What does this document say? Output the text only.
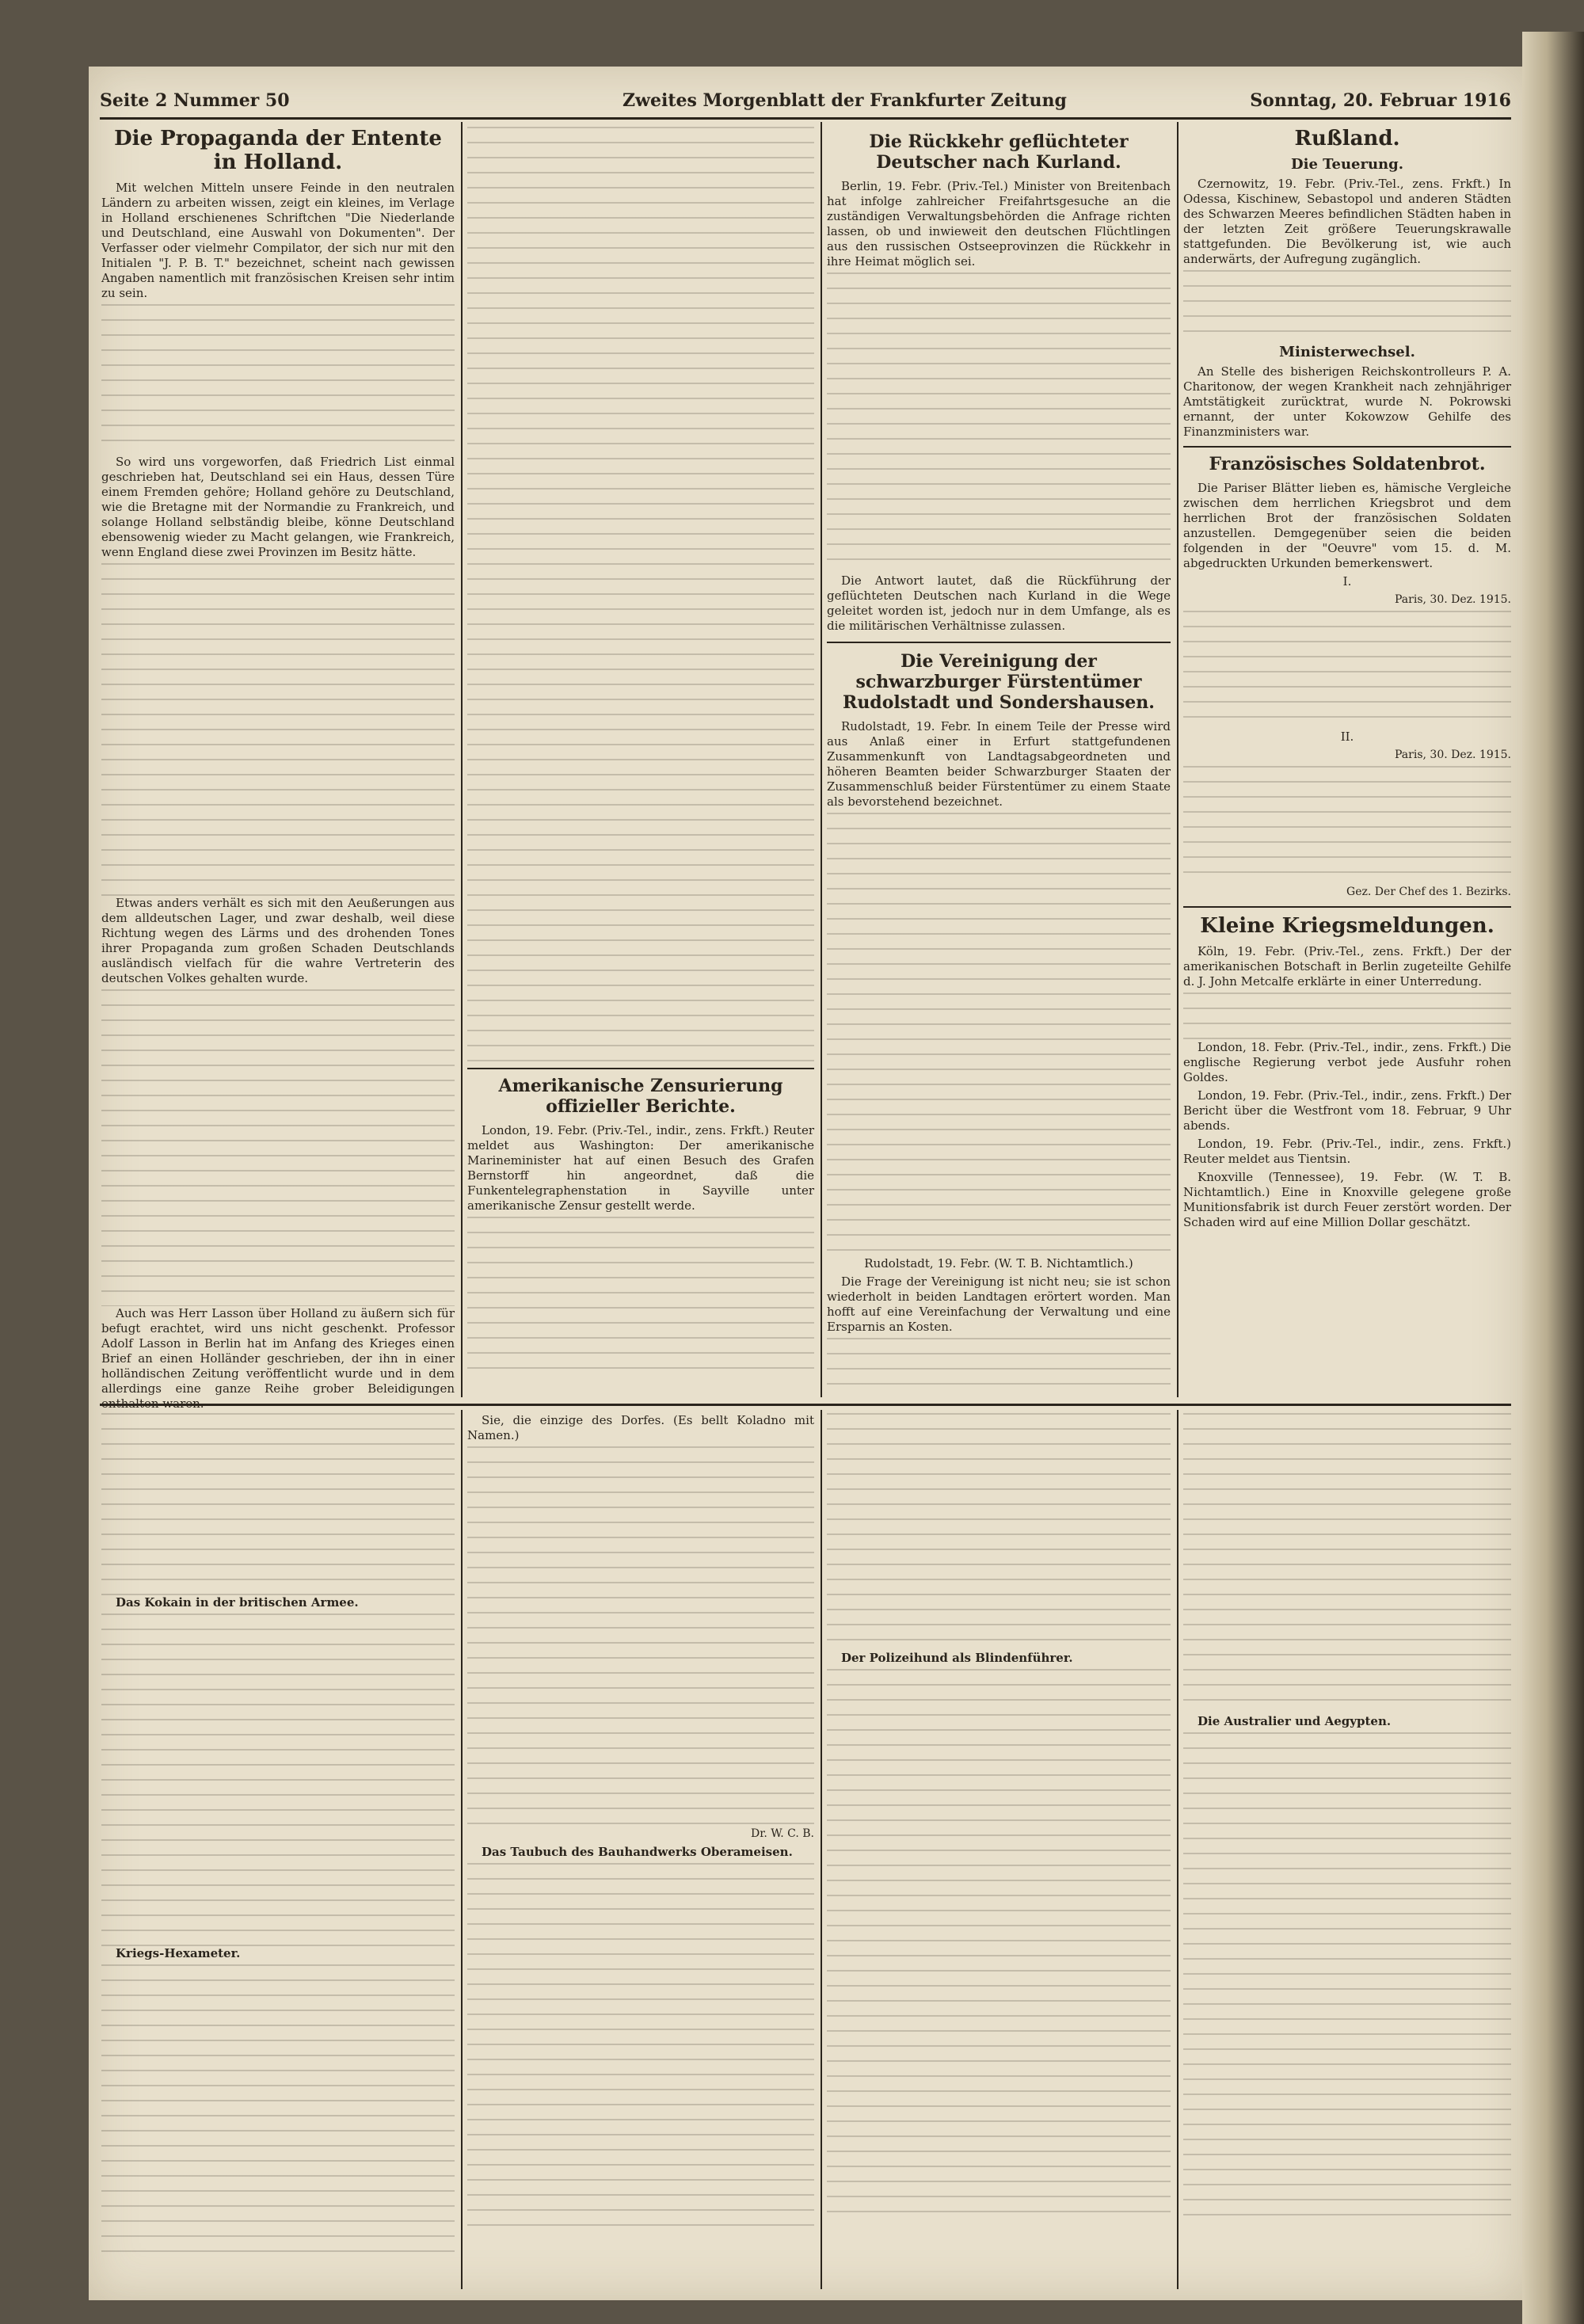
Seite 2 Nummer 50	Zweites Morgenblatt der Frankfurter Zeitung	Sonntag, 20. Februar 1916
Die Propaganda der Entente in Holland.

Mit welchen Mitteln unsere Feinde in den neutralen Ländern zu arbeiten wissen, zeigt ein kleines, im Verlage in Holland erschienenes Schriftchen "Die Niederlande und Deutschland, eine Auswahl von Dokumenten". Der Verfasser oder vielmehr Compilator, der sich nur mit den Initialen "J. P. B. T." bezeichnet, scheint nach gewissen Angaben namentlich mit französischen Kreisen sehr intim zu sein.

So wird uns vorgeworfen, daß Friedrich List einmal geschrieben hat, Deutschland sei ein Haus, dessen Türe einem Fremden gehöre; Holland gehöre zu Deutschland, wie die Bretagne mit der Normandie zu Frankreich, und solange Holland selbständig bleibe, könne Deutschland ebensowenig wieder zu Macht gelangen, wie Frankreich, wenn England diese zwei Provinzen im Besitz hätte.

Etwas anders verhält es sich mit den Aeußerungen aus dem alldeutschen Lager, und zwar deshalb, weil diese Richtung wegen des Lärms und des drohenden Tones ihrer Propaganda zum großen Schaden Deutschlands ausländisch vielfach für die wahre Vertreterin des deutschen Volkes gehalten wurde.

Auch was Herr Lasson über Holland zu äußern sich für befugt erachtet, wird uns nicht geschenkt. Professor Adolf Lasson in Berlin hat im Anfang des Krieges einen Brief an einen Holländer geschrieben, der ihn in einer holländischen Zeitung veröffentlicht wurde und in dem allerdings eine ganze Reihe grober Beleidigungen enthalten waren.

Amerikanische Zensurierung offizieller Berichte.

London, 19. Febr. (Priv.-Tel., indir., zens. Frkft.) Reuter meldet aus Washington: Der amerikanische Marineminister hat auf einen Besuch des Grafen Bernstorff hin angeordnet, daß die Funkentelegraphenstation in Sayville unter amerikanische Zensur gestellt werde.

Die Rückkehr geflüchteter Deutscher nach Kurland.

Berlin, 19. Febr. (Priv.-Tel.) Minister von Breitenbach hat infolge zahlreicher Freifahrtsgesuche an die zuständigen Verwaltungsbehörden die Anfrage richten lassen, ob und inwieweit den deutschen Flüchtlingen aus den russischen Ostseeprovinzen die Rückkehr in ihre Heimat möglich sei.

Die Antwort lautet, daß die Rückführung der geflüchteten Deutschen nach Kurland in die Wege geleitet worden ist, jedoch nur in dem Umfange, als es die militärischen Verhältnisse zulassen.

Die Vereinigung der schwarzburger Fürstentümer Rudolstadt und Sondershausen.

Rudolstadt, 19. Febr. In einem Teile der Presse wird aus Anlaß einer in Erfurt stattgefundenen Zusammenkunft von Landtagsabgeordneten und höheren Beamten beider Schwarzburger Staaten der Zusammenschluß beider Fürstentümer zu einem Staate als bevorstehend bezeichnet.

Rudolstadt, 19. Febr. (W. T. B. Nichtamtlich.)

Die Frage der Vereinigung ist nicht neu; sie ist schon wiederholt in beiden Landtagen erörtert worden. Man hofft auf eine Vereinfachung der Verwaltung und eine Ersparnis an Kosten.

Rußland.
Die Teuerung.

Czernowitz, 19. Febr. (Priv.-Tel., zens. Frkft.) In Odessa, Kischinew, Sebastopol und anderen Städten des Schwarzen Meeres befindlichen Städten haben in der letzten Zeit größere Teuerungskrawalle stattgefunden. Die Bevölkerung ist, wie auch anderwärts, der Aufregung zugänglich.

Ministerwechsel.

An Stelle des bisherigen Reichskontrolleurs P. A. Charitonow, der wegen Krankheit nach zehnjähriger Amtstätigkeit zurücktrat, wurde N. Pokrowski ernannt, der unter Kokowzow Gehilfe des Finanzministers war.

Französisches Soldatenbrot.

Die Pariser Blätter lieben es, hämische Vergleiche zwischen dem herrlichen Kriegsbrot und dem herrlichen Brot der französischen Soldaten anzustellen. Demgegenüber seien die beiden folgenden in der "Oeuvre" vom 15. d. M. abgedruckten Urkunden bemerkenswert.

I.

Paris, 30. Dez. 1915.

II.

Paris, 30. Dez. 1915.

Gez. Der Chef des 1. Bezirks.

Kleine Kriegsmeldungen.

Köln, 19. Febr. (Priv.-Tel., zens. Frkft.) Der der amerikanischen Botschaft in Berlin zugeteilte Gehilfe d. J. John Metcalfe erklärte in einer Unterredung.

London, 18. Febr. (Priv.-Tel., indir., zens. Frkft.) Die englische Regierung verbot jede Ausfuhr rohen Goldes.

London, 19. Febr. (Priv.-Tel., indir., zens. Frkft.) Der Bericht über die Westfront vom 18. Februar, 9 Uhr abends.

London, 19. Febr. (Priv.-Tel., indir., zens. Frkft.) Reuter meldet aus Tientsin.

Knoxville (Tennessee), 19. Febr. (W. T. B. Nichtamtlich.) Eine in Knoxville gelegene große Munitionsfabrik ist durch Feuer zerstört worden. Der Schaden wird auf eine Million Dollar geschätzt.

Das Kokain in der britischen Armee.

Kriegs-Hexameter.

Sie, die einzige des Dorfes. (Es bellt Koladno mit Namen.)

Dr. W. C. B.

Das Taubuch des Bauhandwerks Oberameisen.

Der Polizeihund als Blindenführer.

Die Australier und Aegypten.
